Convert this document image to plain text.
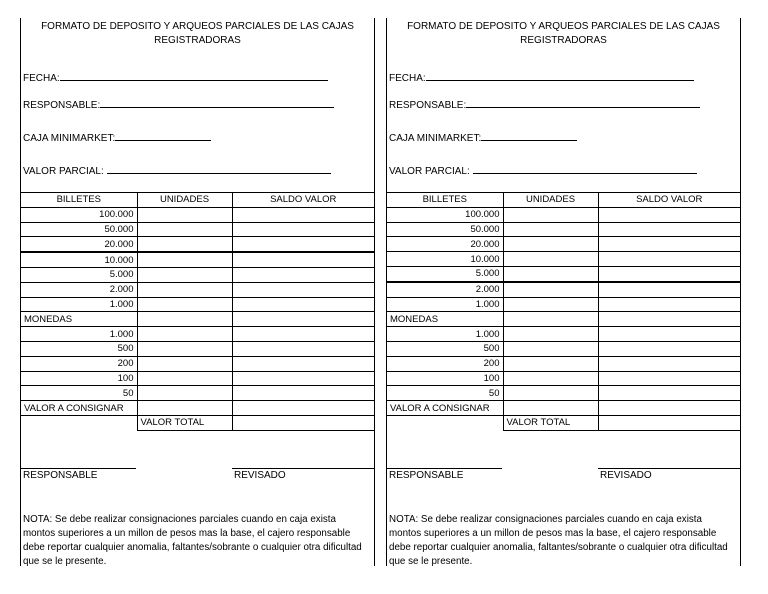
FORMATO DE DEPOSITO Y ARQUEOS PARCIALES DE LAS CAJAS REGISTRADORAS
FECHA:
RESPONSABLE:
CAJA MINIMARKET:
VALOR PARCIAL:
BILLETES	UNIDADES	SALDO VALOR
100.000		
50.000		
20.000		
10.000		
5.000		
2.000		
1.000		
MONEDAS		
1.000		
500		
200		
100		
50		
VALOR A CONSIGNAR		
	VALOR TOTAL	
RESPONSABLE	REVISADO
NOTA: Se debe realizar consignaciones parciales cuando en caja exista montos superiores a un millon de pesos mas la base, el cajero responsable debe reportar cualquier anomalia, faltantes/sobrante o cualquier otra dificultad que se le presente.
FORMATO DE DEPOSITO Y ARQUEOS PARCIALES DE LAS CAJAS REGISTRADORAS
FECHA:
RESPONSABLE:
CAJA MINIMARKET:
VALOR PARCIAL:
BILLETES	UNIDADES	SALDO VALOR
100.000		
50.000		
20.000		
10.000		
5.000		
2.000		
1.000		
MONEDAS		
1.000		
500		
200		
100		
50		
VALOR A CONSIGNAR		
	VALOR TOTAL	
RESPONSABLE	REVISADO
NOTA: Se debe realizar consignaciones parciales cuando en caja exista montos superiores a un millon de pesos mas la base, el cajero responsable debe reportar cualquier anomalia, faltantes/sobrante o cualquier otra dificultad que se le presente.
